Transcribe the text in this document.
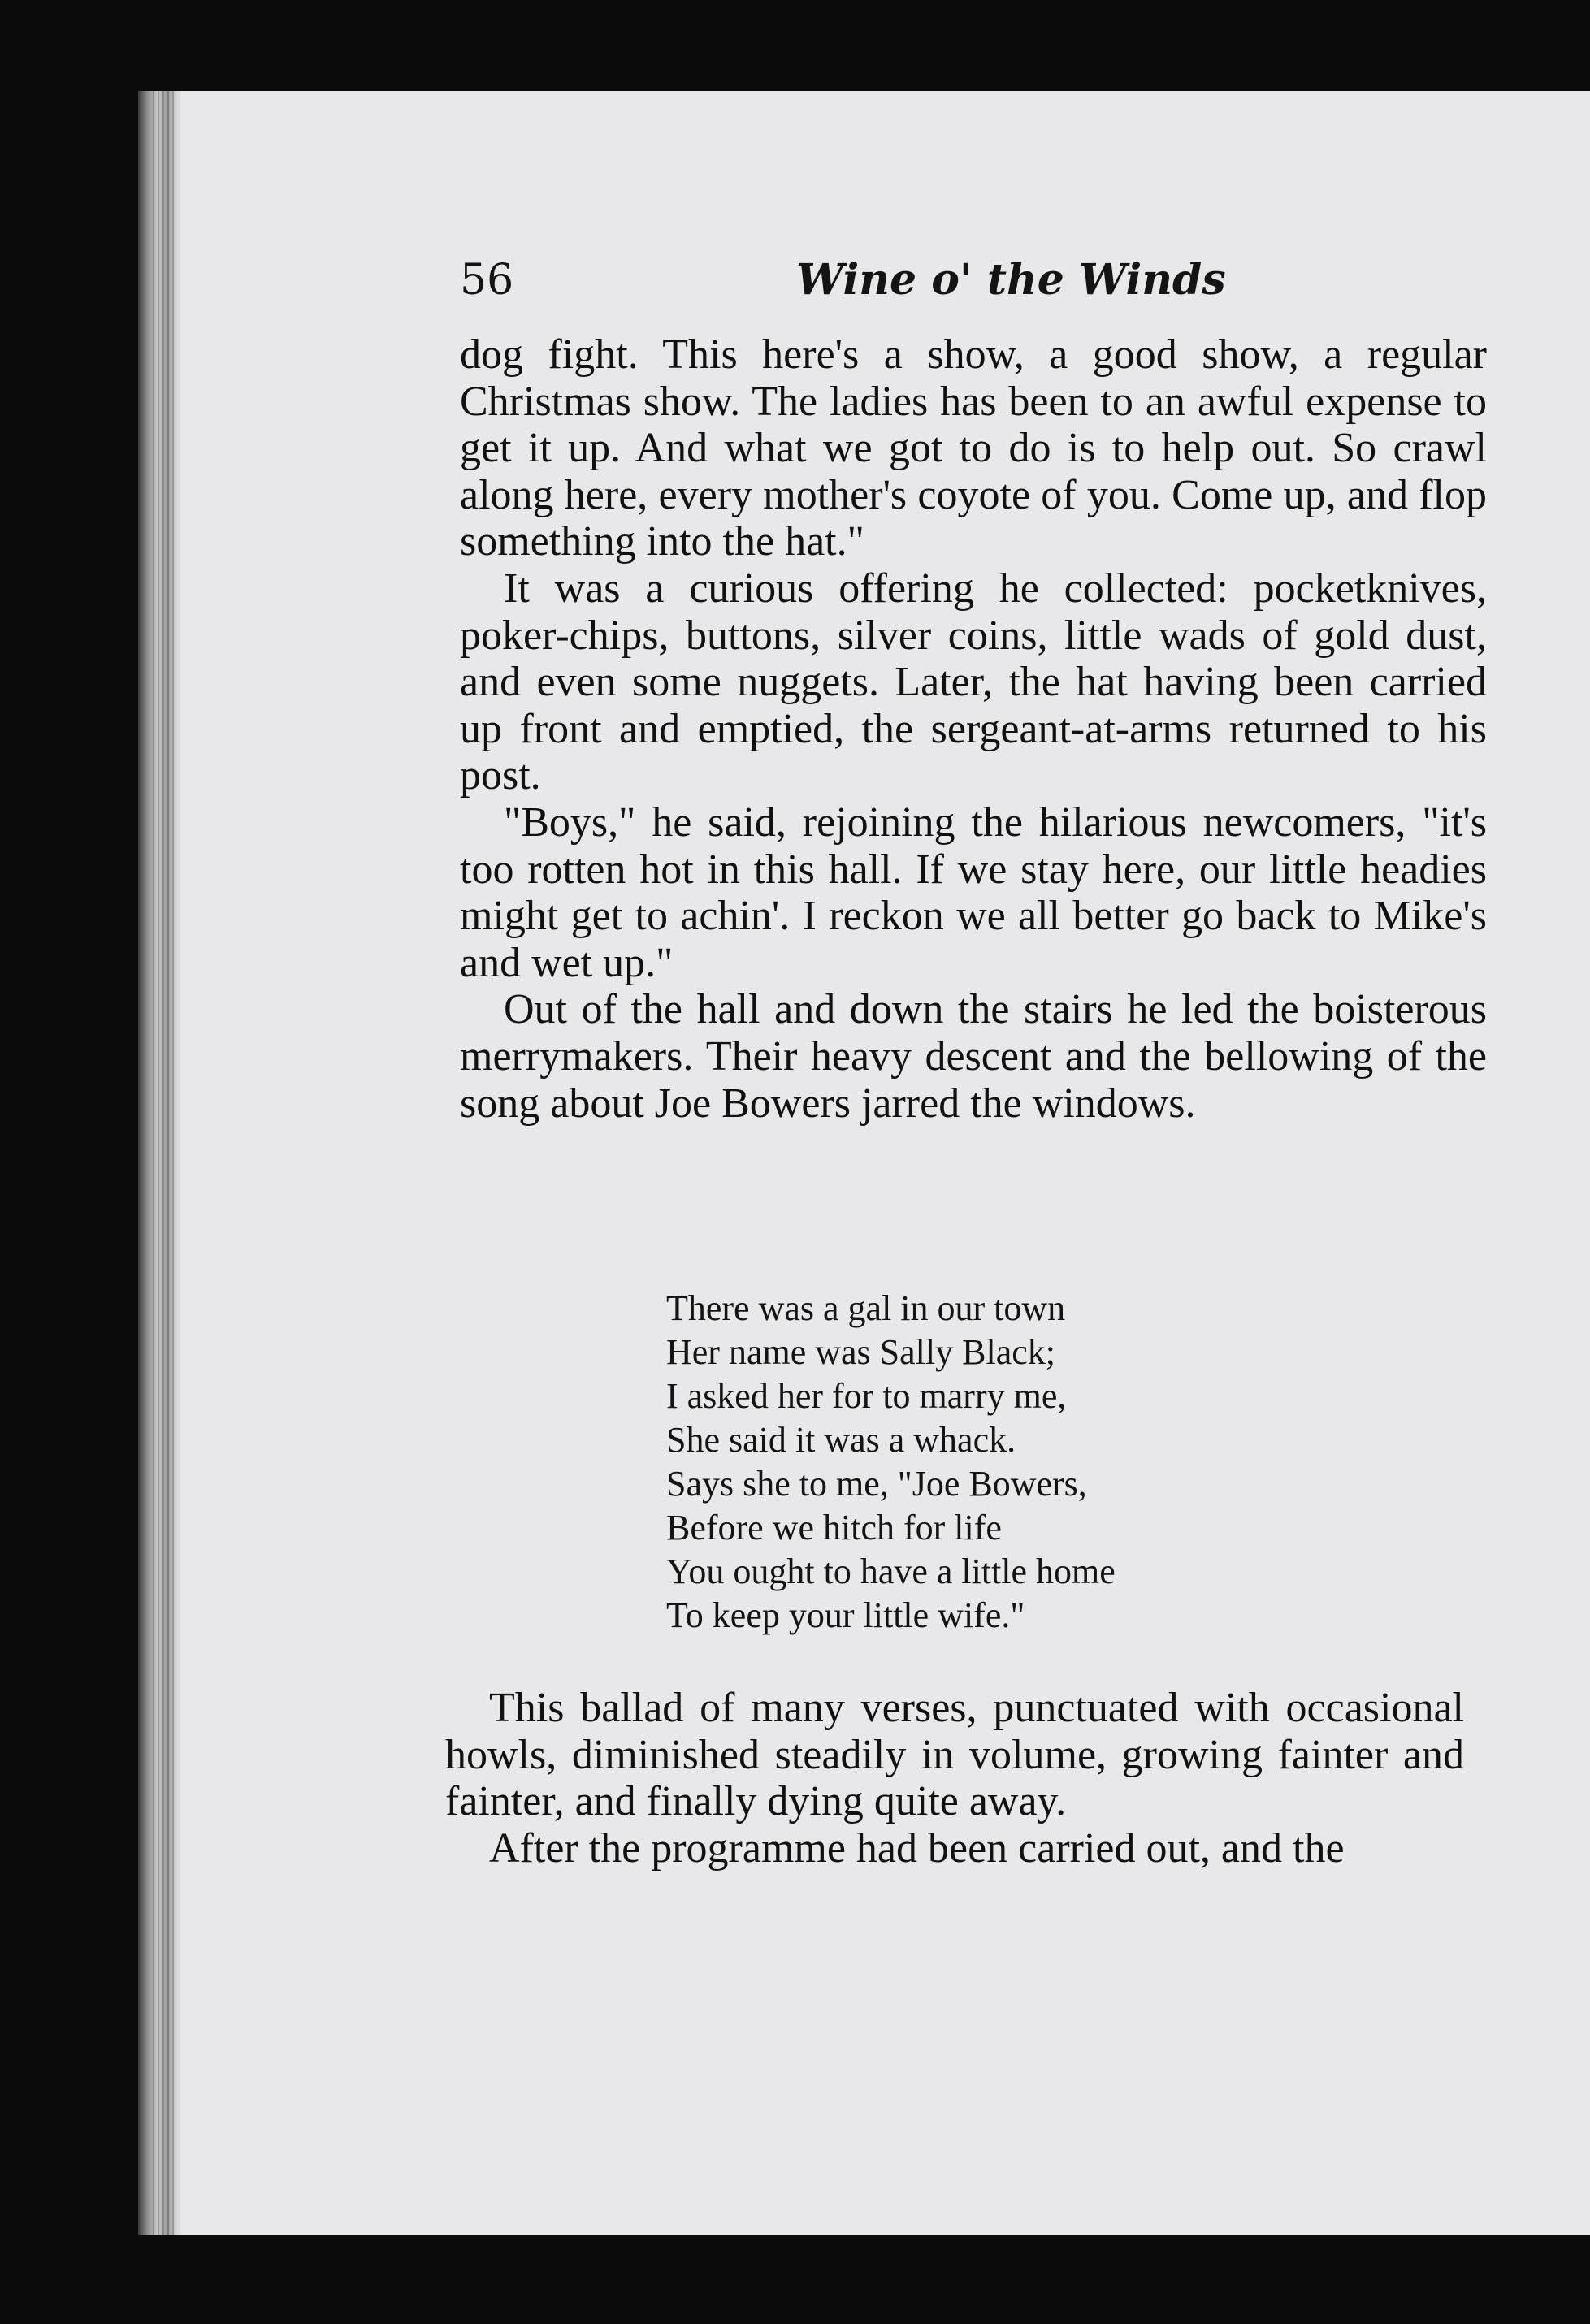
56	Wine o' the Winds

dog fight. This here's a show, a good show, a regular Christmas show. The ladies has been to an awful expense to get it up. And what we got to do is to help out. So crawl along here, every mother's coyote of you. Come up, and flop something into the hat."

It was a curious offering he collected: pocketknives, poker-chips, buttons, silver coins, little wads of gold dust, and even some nuggets. Later, the hat having been carried up front and emptied, the sergeant-at-arms returned to his post.

"Boys," he said, rejoining the hilarious newcomers, "it's too rotten hot in this hall. If we stay here, our little headies might get to achin'. I reckon we all better go back to Mike's and wet up."

Out of the hall and down the stairs he led the boisterous merrymakers. Their heavy descent and the bellowing of the song about Joe Bowers jarred the windows.

There was a gal in our town
Her name was Sally Black;
I asked her for to marry me,
She said it was a whack.
Says she to me, "Joe Bowers,
Before we hitch for life
You ought to have a little home
To keep your little wife."

This ballad of many verses, punctuated with occasional howls, diminished steadily in volume, growing fainter and fainter, and finally dying quite away.

After the programme had been carried out, and the
